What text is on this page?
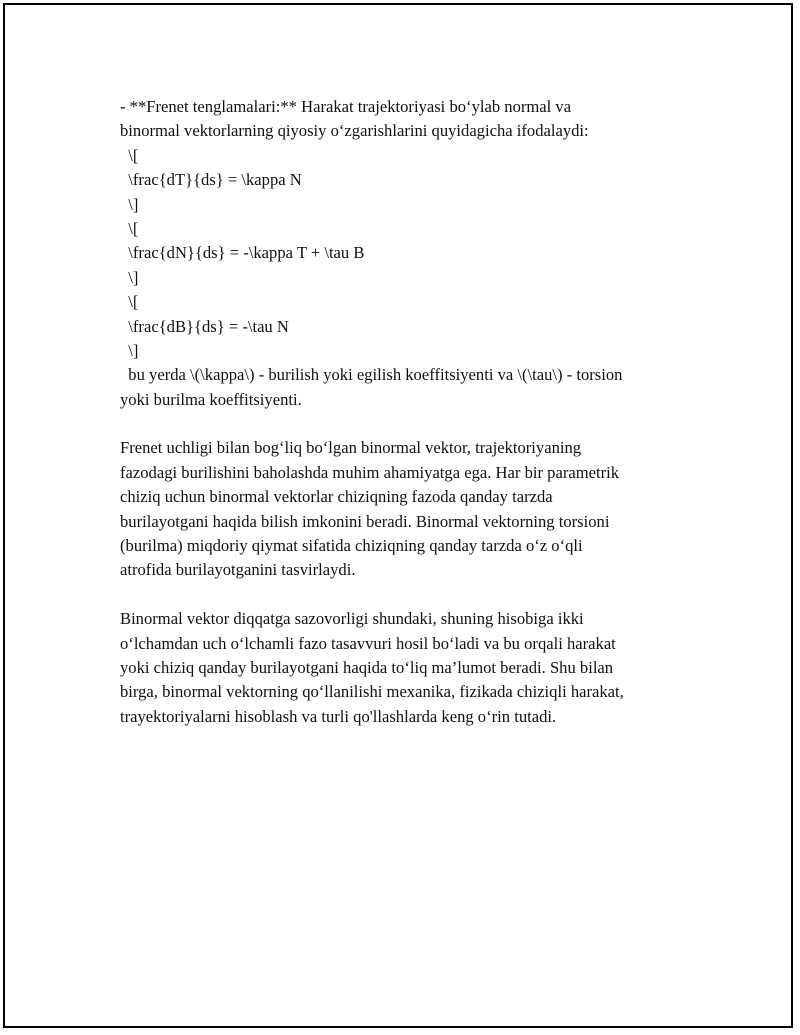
- **Frenet tenglamalari:** Harakat trajektoriyasi bo‘ylab normal va
binormal vektorlarning qiyosiy o‘zgarishlarini quyidagicha ifodalaydi:
\[
\frac{dT}{ds} = \kappa N
\]
\[
\frac{dN}{ds} = -\kappa T + \tau B
\]
\[
\frac{dB}{ds} = -\tau N
\]
bu yerda \(\kappa\) - burilish yoki egilish koeffitsiyenti va \(\tau\) - torsion
yoki burilma koeffitsiyenti.
Frenet uchligi bilan bog‘liq bo‘lgan binormal vektor, trajektoriyaning
fazodagi burilishini baholashda muhim ahamiyatga ega. Har bir parametrik
chiziq uchun binormal vektorlar chiziqning fazoda qanday tarzda
burilayotgani haqida bilish imkonini beradi. Binormal vektorning torsioni
(burilma) miqdoriy qiymat sifatida chiziqning qanday tarzda o‘z o‘qli
atrofida burilayotganini tasvirlaydi.
Binormal vektor diqqatga sazovorligi shundaki, shuning hisobiga ikki
o‘lchamdan uch o‘lchamli fazo tasavvuri hosil bo‘ladi va bu orqali harakat
yoki chiziq qanday burilayotgani haqida to‘liq ma’lumot beradi. Shu bilan
birga, binormal vektorning qo‘llanilishi mexanika, fizikada chiziqli harakat,
trayektoriyalarni hisoblash va turli qo'llashlarda keng o‘rin tutadi.
